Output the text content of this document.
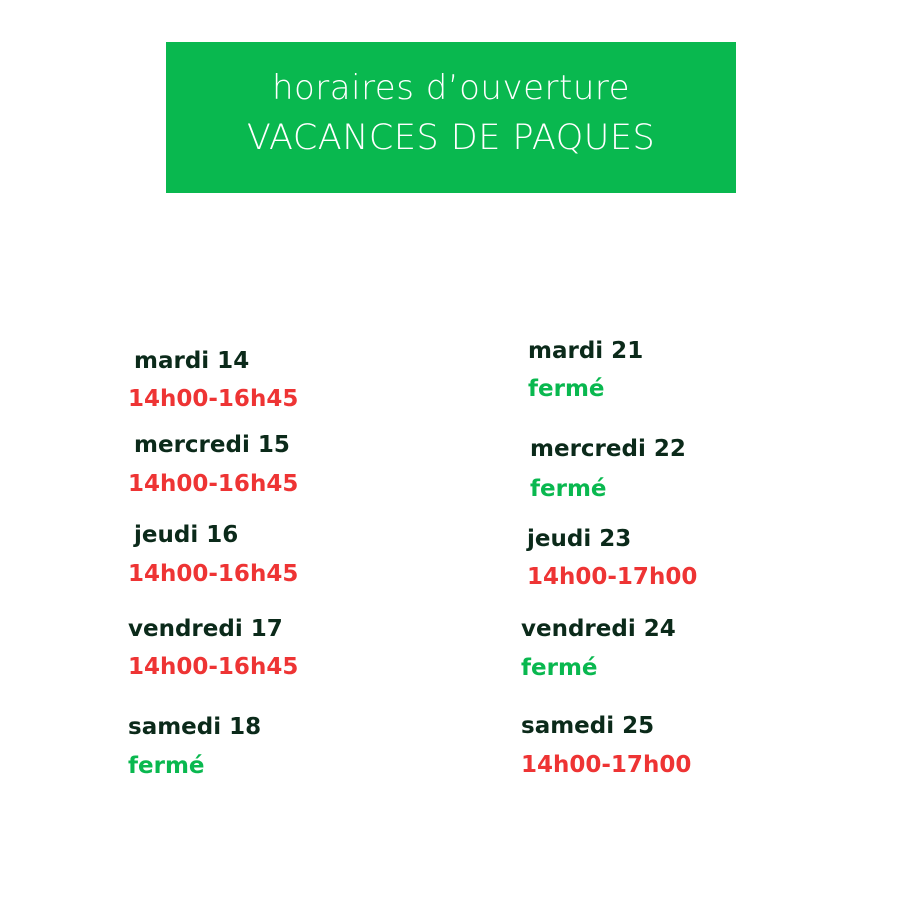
horaires d’ouverture
VACANCES DE PAQUES
mardi 14
14h00-16h45
mercredi 15
14h00-16h45
jeudi 16
14h00-16h45
vendredi 17
14h00-16h45
samedi 18
fermé
mardi 21
fermé
mercredi 22
fermé
jeudi 23
14h00-17h00
vendredi 24
fermé
samedi 25
14h00-17h00
